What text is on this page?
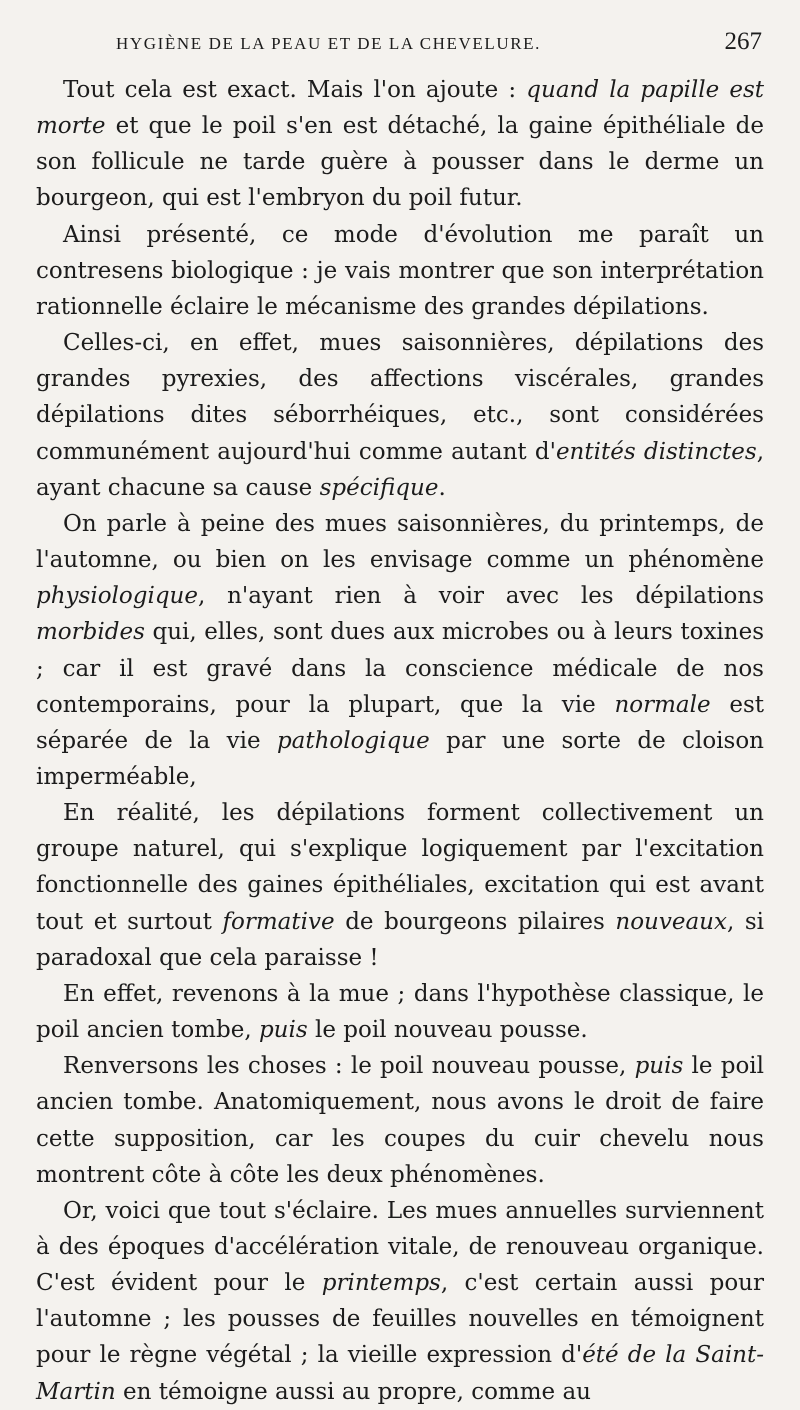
HYGIÈNE DE LA PEAU ET DE LA CHEVELURE.	267

Tout cela est exact. Mais l'on ajoute : quand la papille est morte et que le poil s'en est détaché, la gaine épithéliale de son follicule ne tarde guère à pousser dans le derme un bourgeon, qui est l'embryon du poil futur.

Ainsi présenté, ce mode d'évolution me paraît un contresens biologique : je vais montrer que son interprétation rationnelle éclaire le mécanisme des grandes dépilations.

Celles-ci, en effet, mues saisonnières, dépilations des grandes pyrexies, des affections viscérales, grandes dépilations dites séborrhéiques, etc., sont considérées communément aujourd'hui comme autant d'entités distinctes, ayant chacune sa cause spécifique.

On parle à peine des mues saisonnières, du printemps, de l'automne, ou bien on les envisage comme un phénomène physiologique, n'ayant rien à voir avec les dépilations morbides qui, elles, sont dues aux microbes ou à leurs toxines ; car il est gravé dans la conscience médicale de nos contemporains, pour la plupart, que la vie normale est séparée de la vie pathologique par une sorte de cloison imperméable,

En réalité, les dépilations forment collectivement un groupe naturel, qui s'explique logiquement par l'excitation fonctionnelle des gaines épithéliales, excitation qui est avant tout et surtout formative de bourgeons pilaires nouveaux, si paradoxal que cela paraisse !

En effet, revenons à la mue ; dans l'hypothèse classique, le poil ancien tombe, puis le poil nouveau pousse.

Renversons les choses : le poil nouveau pousse, puis le poil ancien tombe. Anatomiquement, nous avons le droit de faire cette supposition, car les coupes du cuir chevelu nous montrent côte à côte les deux phénomènes.

Or, voici que tout s'éclaire. Les mues annuelles surviennent à des époques d'accélération vitale, de renouveau organique. C'est évident pour le printemps, c'est certain aussi pour l'automne ; les pousses de feuilles nouvelles en témoignent pour le règne végétal ; la vieille expression d'été de la Saint-Martin en témoigne aussi au propre, comme au
